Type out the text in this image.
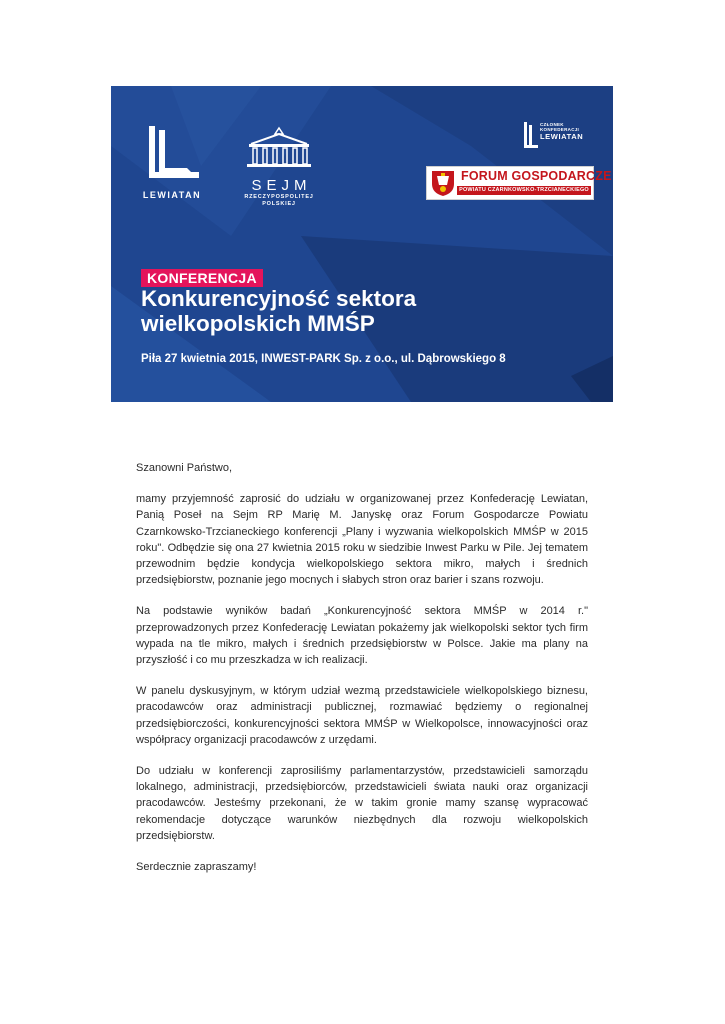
LEWIATAN
SEJM
RZECZYPOSPOLITEJ
POLSKIEJ
CZŁONEK KONFEDERACJI
LEWIATAN
FORUM GOSPODARCZE
POWIATU CZARNKOWSKO-TRZCIANECKIEGO
KONFERENCJA
Konkurencyjność sektora
wielkopolskich MMŚP
Piła 27 kwietnia 2015, INWEST-PARK Sp. z o.o., ul. Dąbrowskiego 8

Szanowni Państwo,

mamy przyjemność zaprosić do udziału w organizowanej przez Konfederację Lewiatan, Panią Poseł na Sejm RP Marię M. Janyskę oraz Forum Gospodarcze Powiatu Czarnkowsko-Trzcianeckiego konferencji „Plany i wyzwania wielkopolskich MMŚP w 2015 roku". Odbędzie się ona 27 kwietnia 2015 roku w siedzibie Inwest Parku w Pile. Jej tematem przewodnim będzie kondycja wielkopolskiego sektora mikro, małych i średnich przedsiębiorstw, poznanie jego mocnych i słabych stron oraz barier i szans rozwoju.

Na podstawie wyników badań „Konkurencyjność sektora MMŚP w 2014 r." przeprowadzonych przez Konfederację Lewiatan pokażemy jak wielkopolski sektor tych firm wypada na tle mikro, małych i średnich przedsiębiorstw w Polsce. Jakie ma plany na przyszłość i co mu przeszkadza w ich realizacji.

W panelu dyskusyjnym, w którym udział wezmą przedstawiciele wielkopolskiego biznesu, pracodawców oraz administracji publicznej, rozmawiać będziemy o regionalnej przedsiębiorczości, konkurencyjności sektora MMŚP w Wielkopolsce, innowacyjności oraz współpracy organizacji pracodawców z urzędami.

Do udziału w konferencji zaprosiliśmy parlamentarzystów, przedstawicieli samorządu lokalnego, administracji, przedsiębiorców, przedstawicieli świata nauki oraz organizacji pracodawców. Jesteśmy przekonani, że w takim gronie mamy szansę wypracować rekomendacje dotyczące warunków niezbędnych dla rozwoju wielkopolskich przedsiębiorstw.

Serdecznie zapraszamy!
